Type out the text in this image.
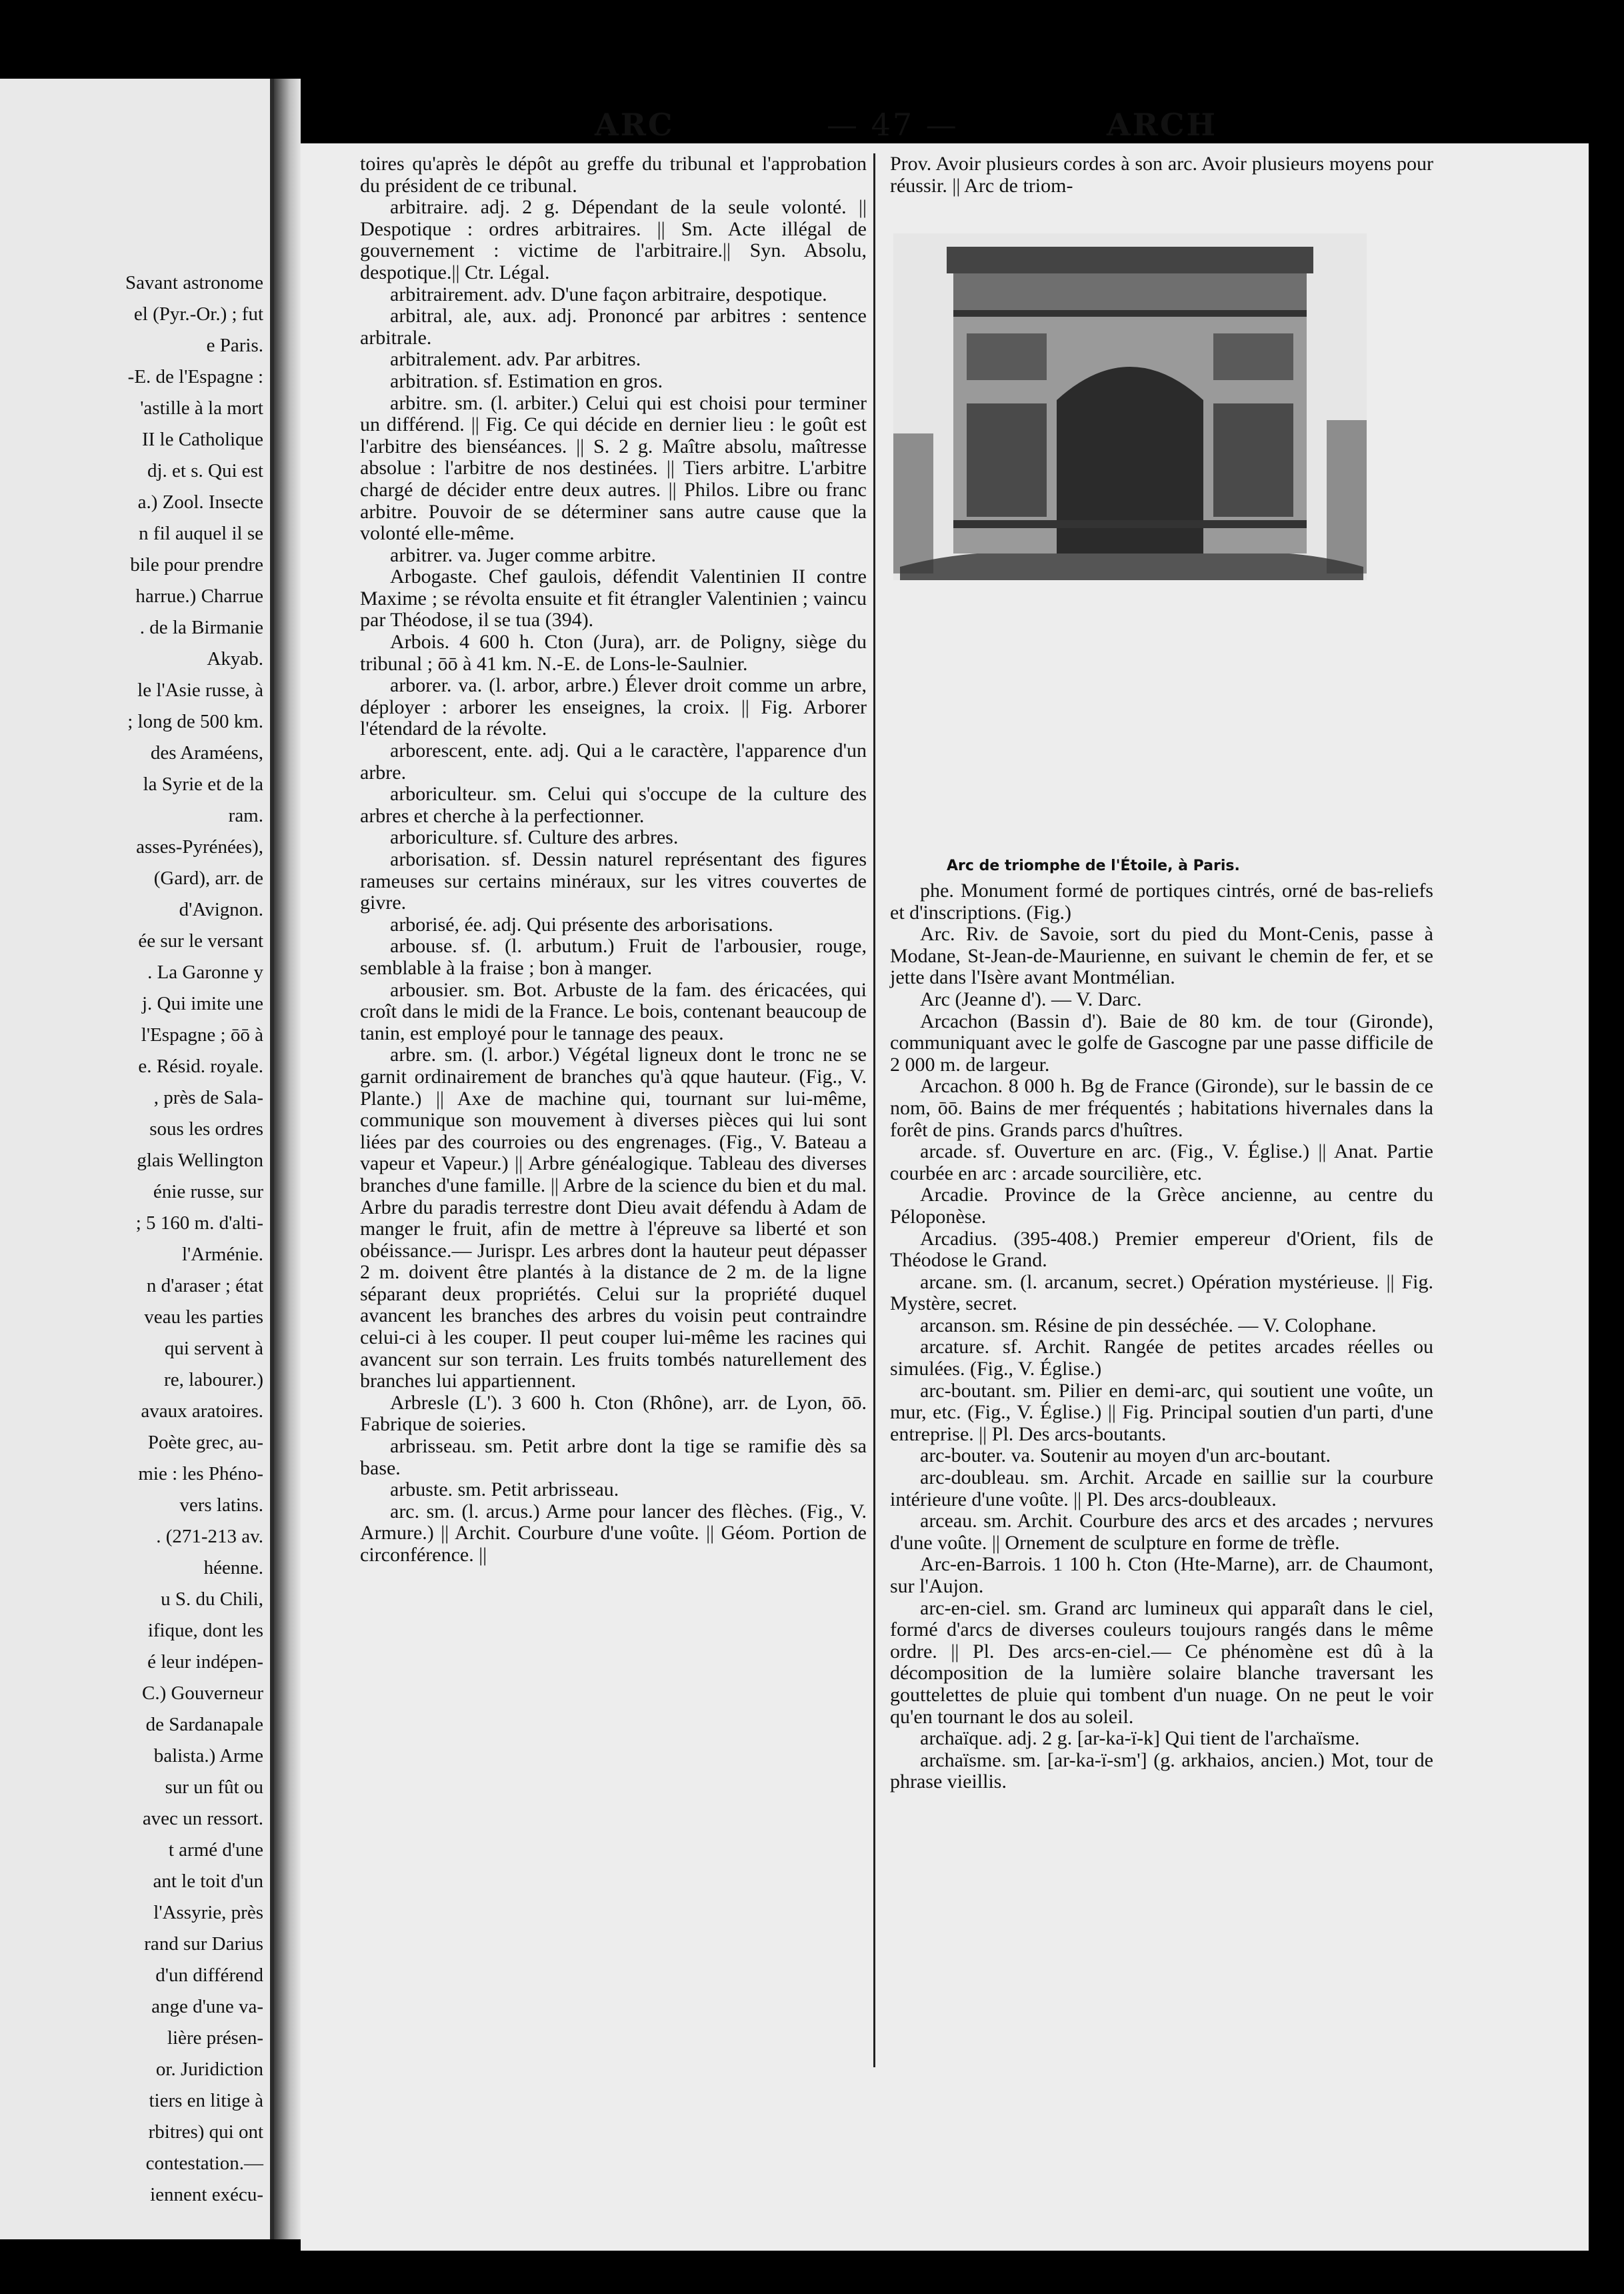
Savant astronome
el (Pyr.-Or.) ; fut
e Paris.
-E. de l'Espagne :
'astille à la mort
II le Catholique
dj. et s. Qui est
a.) Zool. Insecte
n fil auquel il se
bile pour prendre
harrue.) Charrue
. de la Birmanie
Akyab.
le l'Asie russe, à
; long de 500 km.
des Araméens,
la Syrie et de la
ram.
asses-Pyrénées),
(Gard), arr. de
d'Avignon.
ée sur le versant
. La Garonne y
j. Qui imite une
l'Espagne ; ōō à
e. Résid. royale.
, près de Sala-
sous les ordres
glais Wellington
énie russe, sur
; 5 160 m. d'alti-
l'Arménie.
n d'araser ; état
veau les parties
qui servent à
re, labourer.)
avaux aratoires.
Poète grec, au-
mie : les Phéno-
vers latins.
. (271-213 av.
héenne.
u S. du Chili,
ifique, dont les
é leur indépen-
C.) Gouverneur
de Sardanapale
balista.) Arme
sur un fût ou
avec un ressort.
t armé d'une
ant le toit d'un
l'Assyrie, près
rand sur Darius
d'un différend
ange d'une va-
lière présen-
or. Juridiction
tiers en litige à
rbitres) qui ont
contestation.—
iennent exécu-
ARC	— 47 —	ARCH

toires qu'après le dépôt au greffe du tribunal et l'approbation du président de ce tribunal.

arbitraire. adj. 2 g. Dépendant de la seule volonté. || Despotique : ordres arbitraires. || Sm. Acte illégal de gouvernement : victime de l'arbitraire.|| Syn. Absolu, despotique.|| Ctr. Légal.

arbitrairement. adv. D'une façon arbitraire, despotique.

arbitral, ale, aux. adj. Prononcé par arbitres : sentence arbitrale.

arbitralement. adv. Par arbitres.

arbitration. sf. Estimation en gros.

arbitre. sm. (l. arbiter.) Celui qui est choisi pour terminer un différend. || Fig. Ce qui décide en dernier lieu : le goût est l'arbitre des bienséances. || S. 2 g. Maître absolu, maîtresse absolue : l'arbitre de nos destinées. || Tiers arbitre. L'arbitre chargé de décider entre deux autres. || Philos. Libre ou franc arbitre. Pouvoir de se déterminer sans autre cause que la volonté elle-même.

arbitrer. va. Juger comme arbitre.

Arbogaste. Chef gaulois, défendit Valentinien II contre Maxime ; se révolta ensuite et fit étrangler Valentinien ; vaincu par Théodose, il se tua (394).

Arbois. 4 600 h. Cton (Jura), arr. de Poligny, siège du tribunal ; ōō à 41 km. N.-E. de Lons-le-Saulnier.

arborer. va. (l. arbor, arbre.) Élever droit comme un arbre, déployer : arborer les enseignes, la croix. || Fig. Arborer l'étendard de la révolte.

arborescent, ente. adj. Qui a le caractère, l'apparence d'un arbre.

arboriculteur. sm. Celui qui s'occupe de la culture des arbres et cherche à la perfectionner.

arboriculture. sf. Culture des arbres.

arborisation. sf. Dessin naturel représentant des figures rameuses sur certains minéraux, sur les vitres couvertes de givre.

arborisé, ée. adj. Qui présente des arborisations.

arbouse. sf. (l. arbutum.) Fruit de l'arbousier, rouge, semblable à la fraise ; bon à manger.

arbousier. sm. Bot. Arbuste de la fam. des éricacées, qui croît dans le midi de la France. Le bois, contenant beaucoup de tanin, est employé pour le tannage des peaux.

arbre. sm. (l. arbor.) Végétal ligneux dont le tronc ne se garnit ordinairement de branches qu'à qque hauteur. (Fig., V. Plante.) || Axe de machine qui, tournant sur lui-même, communique son mouvement à diverses pièces qui lui sont liées par des courroies ou des engrenages. (Fig., V. Bateau a vapeur et Vapeur.) || Arbre généalogique. Tableau des diverses branches d'une famille. || Arbre de la science du bien et du mal. Arbre du paradis terrestre dont Dieu avait défendu à Adam de manger le fruit, afin de mettre à l'épreuve sa liberté et son obéissance.— Jurispr. Les arbres dont la hauteur peut dépasser 2 m. doivent être plantés à la distance de 2 m. de la ligne séparant deux propriétés. Celui sur la propriété duquel avancent les branches des arbres du voisin peut contraindre celui-ci à les couper. Il peut couper lui-même les racines qui avancent sur son terrain. Les fruits tombés naturellement des branches lui appartiennent.

Arbresle (L'). 3 600 h. Cton (Rhône), arr. de Lyon, ōō. Fabrique de soieries.

arbrisseau. sm. Petit arbre dont la tige se ramifie dès sa base.

arbuste. sm. Petit arbrisseau.

arc. sm. (l. arcus.) Arme pour lancer des flèches. (Fig., V. Armure.) || Archit. Courbure d'une voûte. || Géom. Portion de circonférence. ||

Prov. Avoir plusieurs cordes à son arc. Avoir plusieurs moyens pour réussir. || Arc de triom-

Arc de triomphe de l'Étoile, à Paris.

phe. Monument formé de portiques cintrés, orné de bas-reliefs et d'inscriptions. (Fig.)

Arc. Riv. de Savoie, sort du pied du Mont-Cenis, passe à Modane, St-Jean-de-Maurienne, en suivant le chemin de fer, et se jette dans l'Isère avant Montmélian.

Arc (Jeanne d'). — V. Darc.

Arcachon (Bassin d'). Baie de 80 km. de tour (Gironde), communiquant avec le golfe de Gascogne par une passe difficile de 2 000 m. de largeur.

Arcachon. 8 000 h. Bg de France (Gironde), sur le bassin de ce nom, ōō. Bains de mer fréquentés ; habitations hivernales dans la forêt de pins. Grands parcs d'huîtres.

arcade. sf. Ouverture en arc. (Fig., V. Église.) || Anat. Partie courbée en arc : arcade sourcilière, etc.

Arcadie. Province de la Grèce ancienne, au centre du Péloponèse.

Arcadius. (395-408.) Premier empereur d'Orient, fils de Théodose le Grand.

arcane. sm. (l. arcanum, secret.) Opération mystérieuse. || Fig. Mystère, secret.

arcanson. sm. Résine de pin desséchée. — V. Colophane.

arcature. sf. Archit. Rangée de petites arcades réelles ou simulées. (Fig., V. Église.)

arc-boutant. sm. Pilier en demi-arc, qui soutient une voûte, un mur, etc. (Fig., V. Église.) || Fig. Principal soutien d'un parti, d'une entreprise. || Pl. Des arcs-boutants.

arc-bouter. va. Soutenir au moyen d'un arc-boutant.

arc-doubleau. sm. Archit. Arcade en saillie sur la courbure intérieure d'une voûte. || Pl. Des arcs-doubleaux.

arceau. sm. Archit. Courbure des arcs et des arcades ; nervures d'une voûte. || Ornement de sculpture en forme de trèfle.

Arc-en-Barrois. 1 100 h. Cton (Hte-Marne), arr. de Chaumont, sur l'Aujon.

arc-en-ciel. sm. Grand arc lumineux qui apparaît dans le ciel, formé d'arcs de diverses couleurs toujours rangés dans le même ordre. || Pl. Des arcs-en-ciel.— Ce phénomène est dû à la décomposition de la lumière solaire blanche traversant les gouttelettes de pluie qui tombent d'un nuage. On ne peut le voir qu'en tournant le dos au soleil.

archaïque. adj. 2 g. [ar-ka-ï-k] Qui tient de l'archaïsme.

archaïsme. sm. [ar-ka-ï-sm'] (g. arkhaios, ancien.) Mot, tour de phrase vieillis.
